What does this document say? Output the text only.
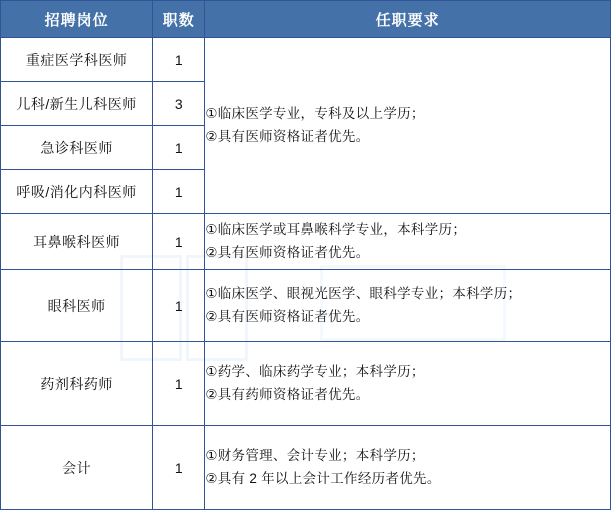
招聘岗位	职数	任职要求
重症医学科医师	1	①临床医学专业，专科及以上学历；
②具有医师资格证者优先。

儿科/新生儿科医师	3	
急诊科医师	1	
呼吸/消化内科医师	1	
耳鼻喉科医师	1	①临床医学或耳鼻喉科学专业，本科学历；
②具有医师资格证者优先。

眼科医师	1	①临床医学、眼视光医学、眼科学专业；本科学历；
②具有医师资格证者优先。

药剂科药师	1	①药学、临床药学专业；本科学历；
②具有药师资格证者优先。

会计	1	①财务管理、会计专业；本科学历；
②具有 2 年以上会计工作经历者优先。
